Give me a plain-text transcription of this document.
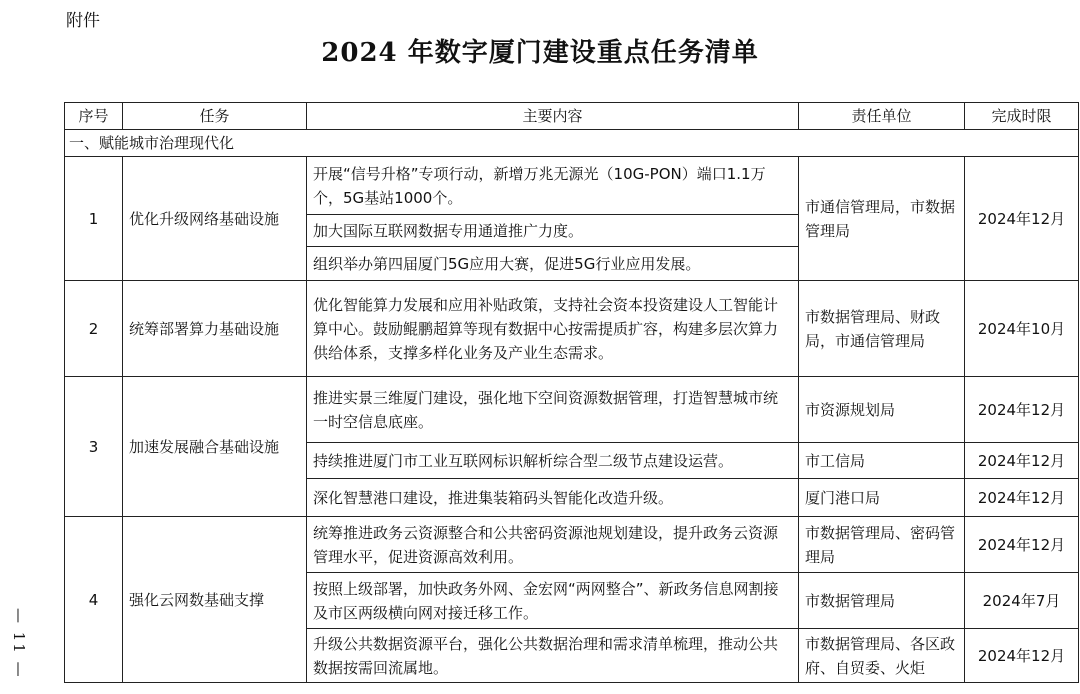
附件
2024 年数字厦门建设重点任务清单
— 11 —
序号	任务	主要内容	责任单位	完成时限
一、赋能城市治理现代化				
1	优化升级网络基础设施	开展“信号升格”专项行动，新增万兆无源光（10G-PON）端口1.1万个，5G基站1000个。	市通信管理局，市数据管理局	2024年12月
		加大国际互联网数据专用通道推广力度。		
		组织举办第四届厦门5G应用大赛，促进5G行业应用发展。		
2	统筹部署算力基础设施	优化智能算力发展和应用补贴政策，支持社会资本投资建设人工智能计算中心。鼓励鲲鹏超算等现有数据中心按需提质扩容，构建多层次算力供给体系，支撑多样化业务及产业生态需求。	市数据管理局、财政局，市通信管理局	2024年10月
3	加速发展融合基础设施	推进实景三维厦门建设，强化地下空间资源数据管理，打造智慧城市统一时空信息底座。	市资源规划局	2024年12月
		持续推进厦门市工业互联网标识解析综合型二级节点建设运营。	市工信局	2024年12月
		深化智慧港口建设，推进集装箱码头智能化改造升级。	厦门港口局	2024年12月
4	强化云网数基础支撑	统筹推进政务云资源整合和公共密码资源池规划建设，提升政务云资源管理水平，促进资源高效利用。	市数据管理局、密码管理局	2024年12月
		按照上级部署，加快政务外网、金宏网“两网整合”、新政务信息网割接及市区两级横向网对接迁移工作。	市数据管理局	2024年7月
		升级公共数据资源平台，强化公共数据治理和需求清单梳理，推动公共数据按需回流属地。	市数据管理局、各区政府、自贸委、火炬	2024年12月
